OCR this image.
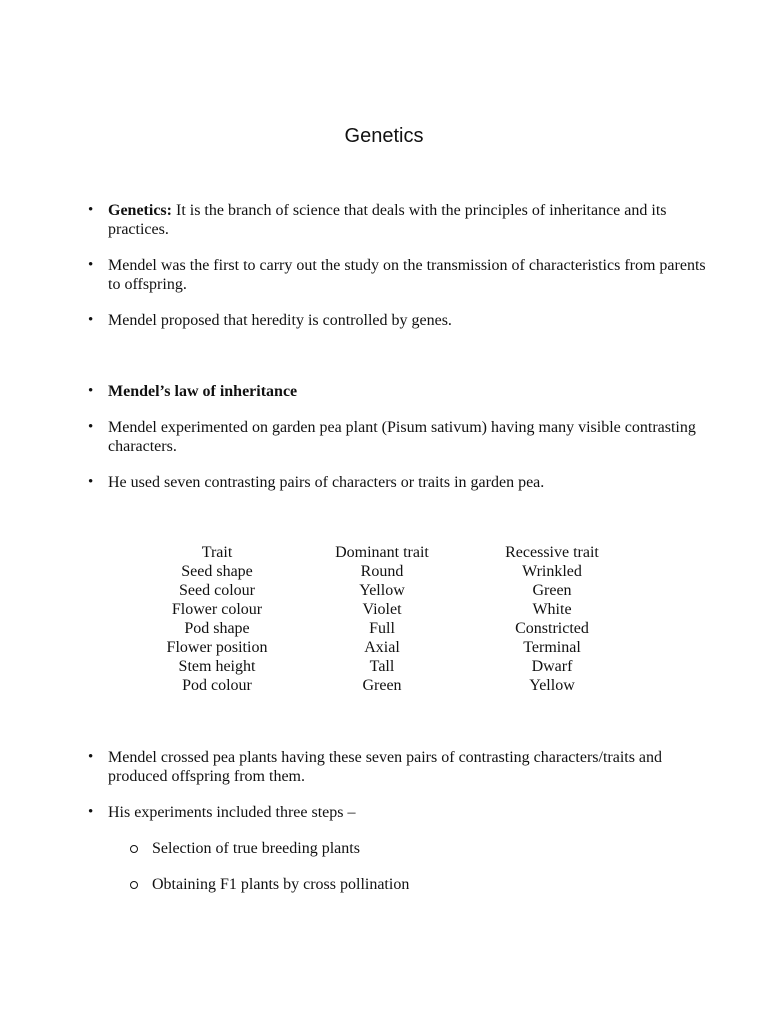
Genetics
• Genetics: It is the branch of science that deals with the principles of inheritance and its practices.
• Mendel was the first to carry out the study on the transmission of characteristics from parents to offspring.
• Mendel proposed that heredity is controlled by genes.
• Mendel’s law of inheritance
• Mendel experimented on garden pea plant (Pisum sativum) having many visible contrasting characters.
• He used seven contrasting pairs of characters or traits in garden pea.
Trait	Dominant trait	Recessive trait
Seed shape	Round	Wrinkled
Seed colour	Yellow	Green
Flower colour	Violet	White
Pod shape	Full	Constricted
Flower position	Axial	Terminal
Stem height	Tall	Dwarf
Pod colour	Green	Yellow
• Mendel crossed pea plants having these seven pairs of contrasting characters/traits and produced offspring from them.
• His experiments included three steps –
Selection of true breeding plants
Obtaining F1 plants by cross pollination
